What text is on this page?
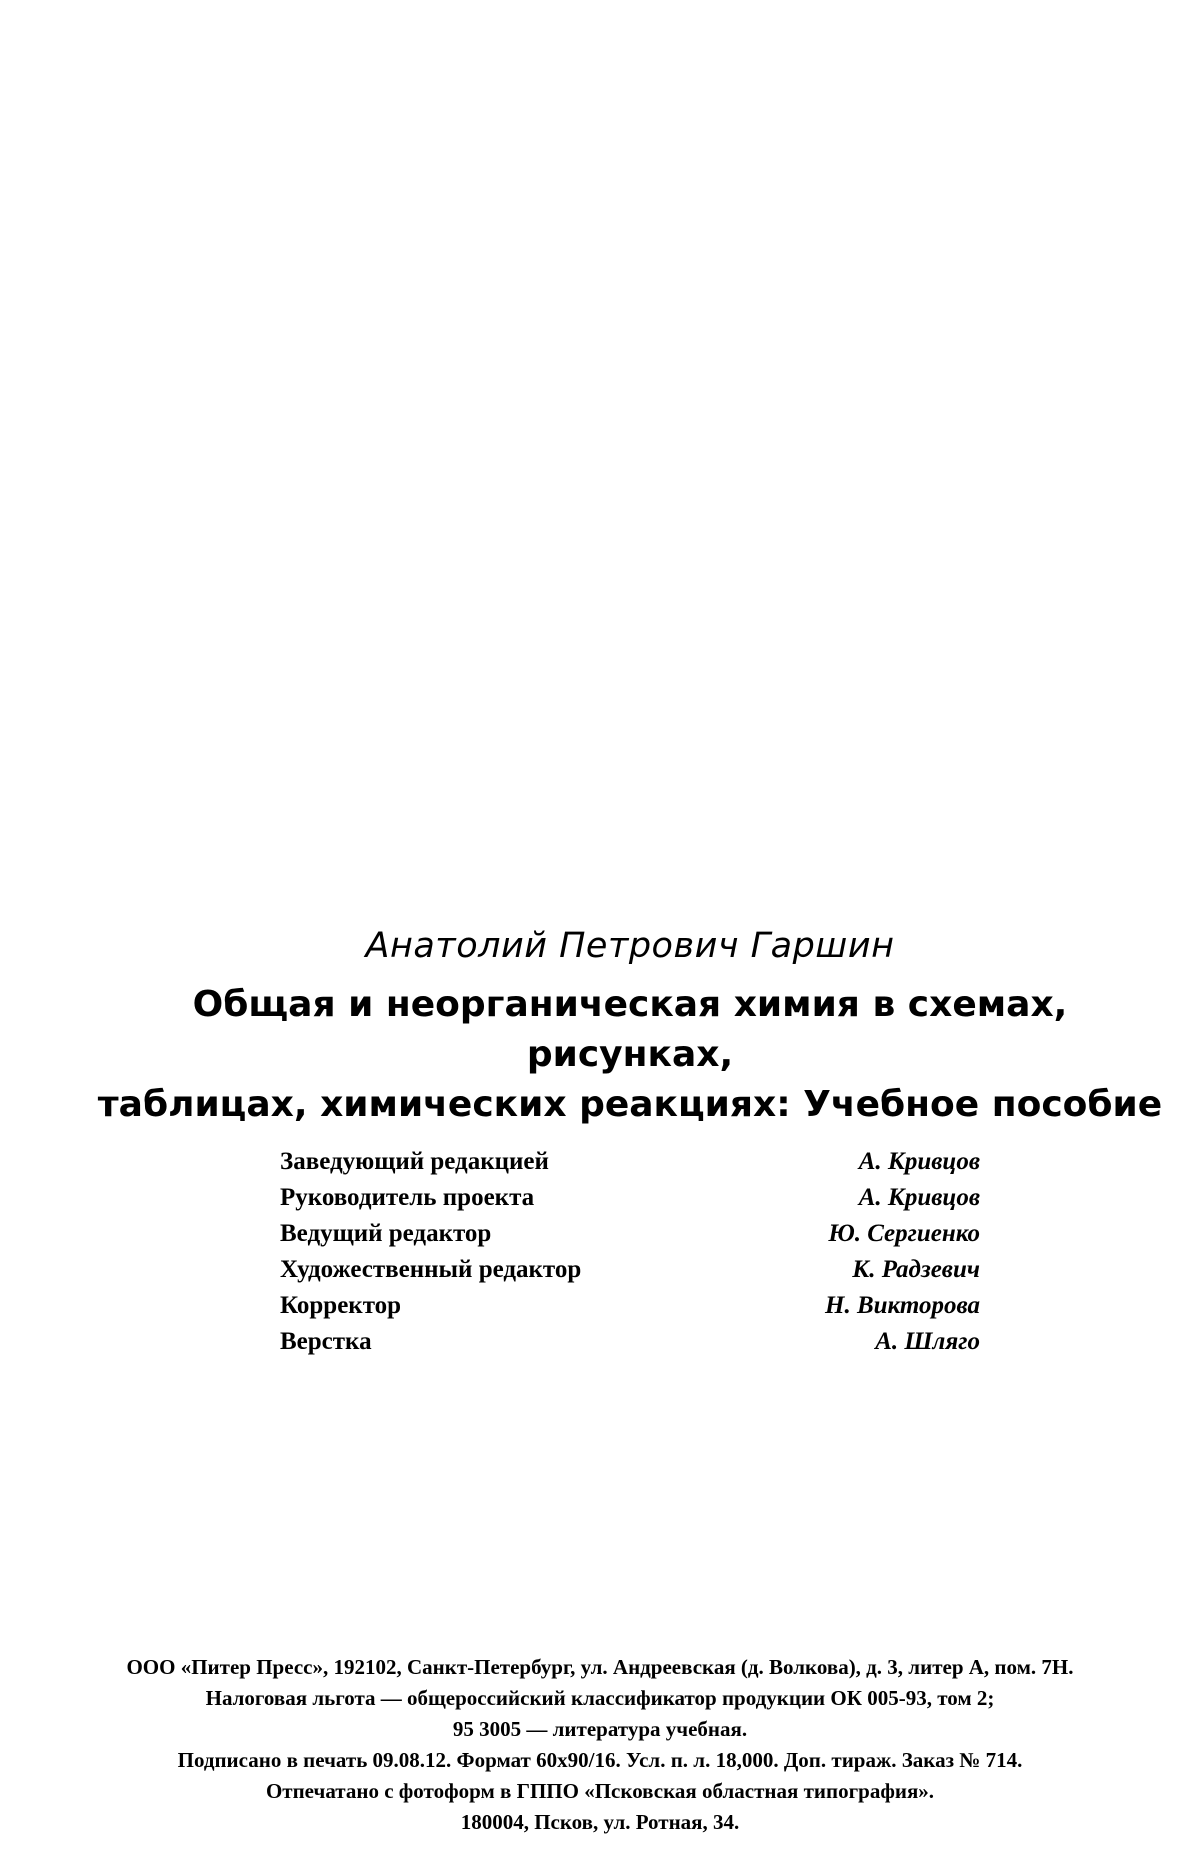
Анатолий Петрович Гаршин
Общая и неорганическая химия в схемах, рисунках,
таблицах, химических реакциях: Учебное пособие
Заведующий редакцией	А. Кривцов
Руководитель проекта	А. Кривцов
Ведущий редактор	Ю. Сергиенко
Художественный редактор	К. Радзевич
Корректор	Н. Викторова
Верстка	А. Шляго
ООО «Питер Пресс», 192102, Санкт-Петербург, ул. Андреевская (д. Волкова), д. 3, литер А, пом. 7Н.
Налоговая льгота — общероссийский классификатор продукции ОК 005-93, том 2;
95 3005 — литература учебная.
Подписано в печать 09.08.12. Формат 60х90/16. Усл. п. л. 18,000. Доп. тираж. Заказ № 714.
Отпечатано с фотоформ в ГППО «Псковская областная типография».
180004, Псков, ул. Ротная, 34.
